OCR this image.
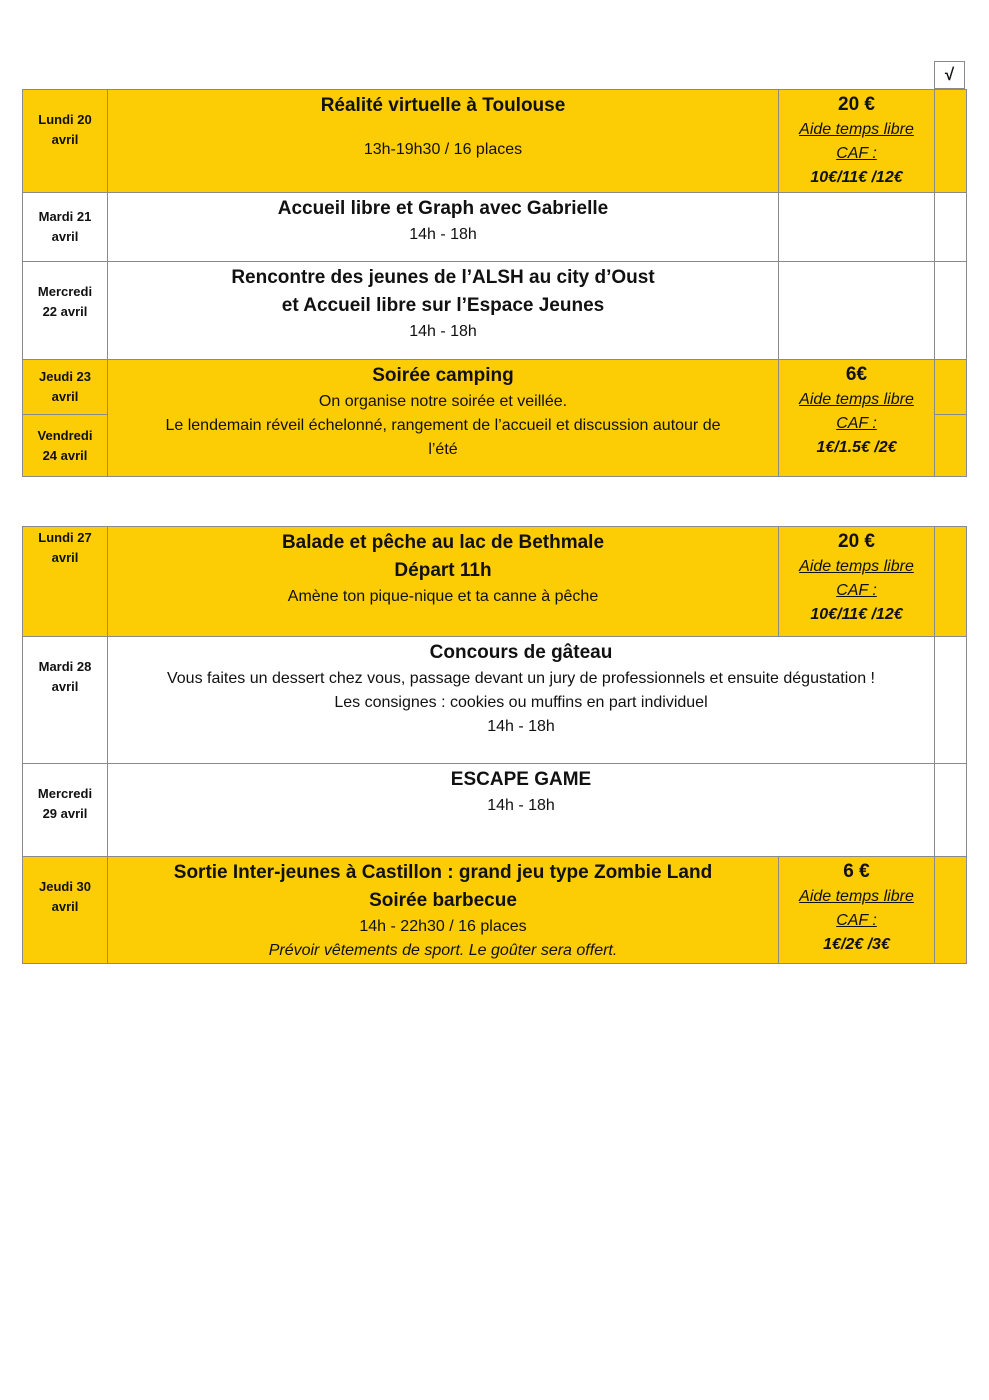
√
Lundi 20
avril	Réalité virtuelle à Toulouse
13h-19h30 / 16 places	20 €
Aide temps libre
CAF :
10€/11€ /12€	

Mardi 21
avril	Accueil libre et Graph avec Gabrielle
14h - 18h		

Mercredi
22 avril	Rencontre des jeunes de l’ALSH au city d’Oust
et Accueil libre sur l’Espace Jeunes
14h - 18h		

Jeudi 23
avril	Soirée camping
On organise notre soirée et veillée.
Le lendemain réveil échelonné, rangement de l’accueil et discussion autour de
l’été	6€
Aide temps libre
CAF :
1€/1.5€ /2€	

Vendredi
24 avril			

Lundi 27
avril	Balade et pêche au lac de Bethmale
Départ 11h
Amène ton pique-nique et ta canne à pêche	20 €
Aide temps libre
CAF :
10€/11€ /12€	

Mardi 28
avril	Concours de gâteau
Vous faites un dessert chez vous, passage devant un jury de professionnels et ensuite dégustation !
Les consignes : cookies ou muffins en part individuel
14h - 18h		

Mercredi
29 avril	ESCAPE GAME
14h - 18h		

Jeudi 30
avril	Sortie Inter-jeunes à Castillon : grand jeu type Zombie Land
Soirée barbecue
14h - 22h30 / 16 places
Prévoir vêtements de sport. Le goûter sera offert.	6 €
Aide temps libre
CAF :
1€/2€ /3€	
